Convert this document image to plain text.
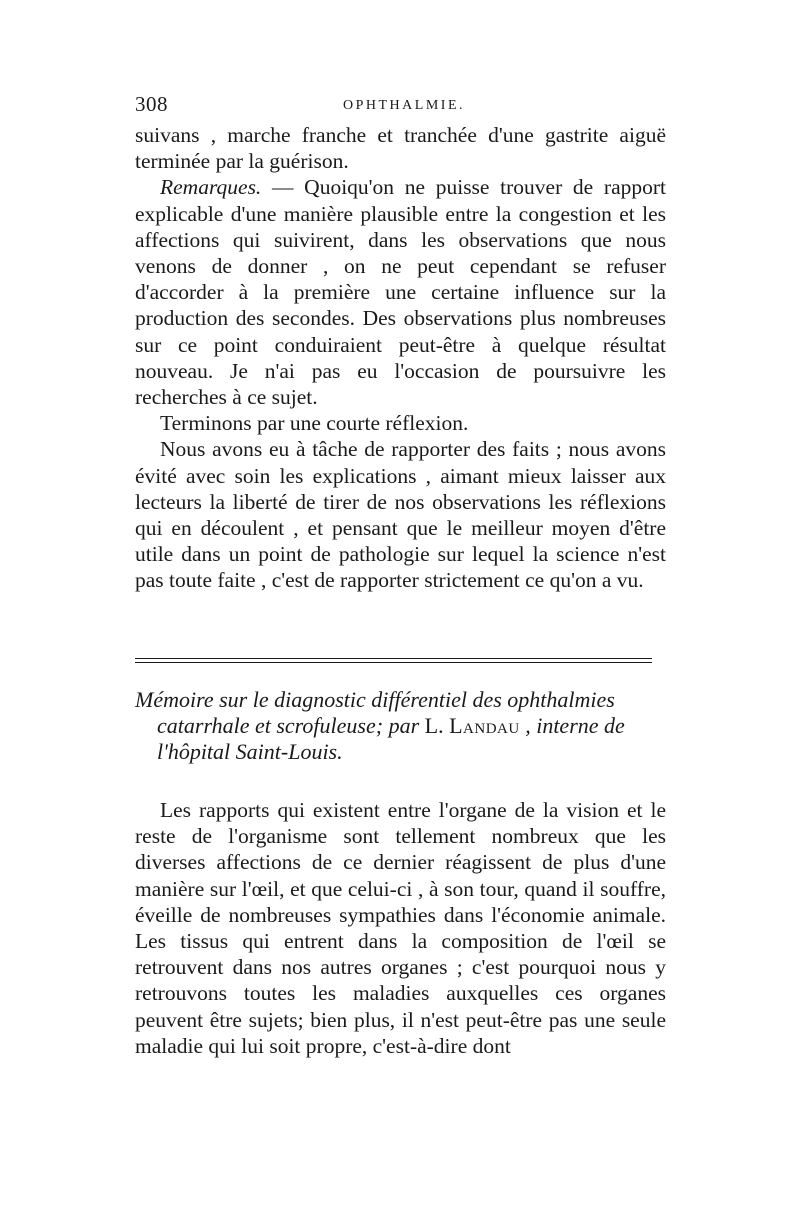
308	OPHTHALMIE.

suivans , marche franche et tranchée d'une gastrite aiguë terminée par la guérison.

Remarques. — Quoiqu'on ne puisse trouver de rapport explicable d'une manière plausible entre la congestion et les affections qui suivirent, dans les observations que nous venons de donner , on ne peut cependant se refuser d'accorder à la première une certaine influence sur la production des secondes. Des observations plus nombreuses sur ce point conduiraient peut-être à quelque résultat nouveau. Je n'ai pas eu l'occasion de poursuivre les recherches à ce sujet.

Terminons par une courte réflexion.

Nous avons eu à tâche de rapporter des faits ; nous avons évité avec soin les explications , aimant mieux laisser aux lecteurs la liberté de tirer de nos observations les réflexions qui en découlent , et pensant que le meilleur moyen d'être utile dans un point de pathologie sur lequel la science n'est pas toute faite , c'est de rapporter strictement ce qu'on a vu.

Mémoire sur le diagnostic différentiel des ophthalmies
catarrhale et scrofuleuse; par L. Landau , interne de
l'hôpital Saint-Louis.

Les rapports qui existent entre l'organe de la vision et le reste de l'organisme sont tellement nombreux que les diverses affections de ce dernier réagissent de plus d'une manière sur l'œil, et que celui-ci , à son tour, quand il souffre, éveille de nombreuses sympathies dans l'économie animale. Les tissus qui entrent dans la composition de l'œil se retrouvent dans nos autres organes ; c'est pourquoi nous y retrouvons toutes les maladies auxquelles ces organes peuvent être sujets; bien plus, il n'est peut-être pas une seule maladie qui lui soit propre, c'est-à-dire dont
